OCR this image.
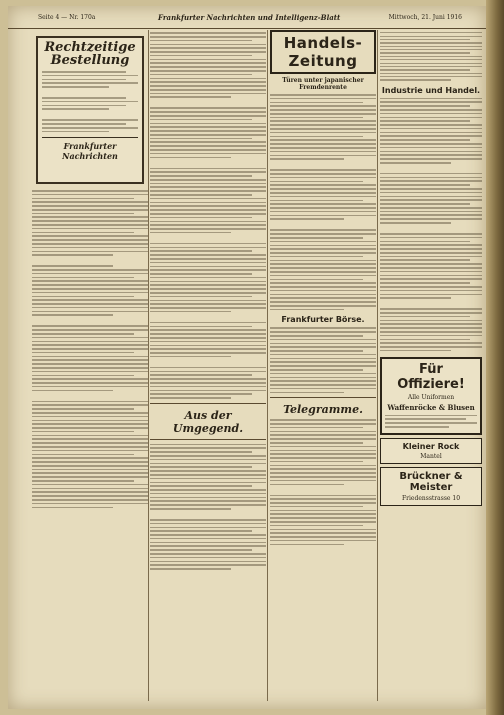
Seite 4 — Nr. 170a	Frankfurter Nachrichten und Intelligenz-Blatt	Mittwoch, 21. Juni 1916
Rechtzeitige Bestellung
Frankfurter Nachrichten
Aus der Umgegend.
Handels-Zeitung
Türen unter japanischer Fremdenrente
Frankfurter Börse.
Telegramme.
Industrie und Handel.
Für Offiziere!
Alle Uniformen
Waffenröcke & Blusen
Kleiner Rock
Mantel
Brückner & Meister
Friedensstrasse 10
